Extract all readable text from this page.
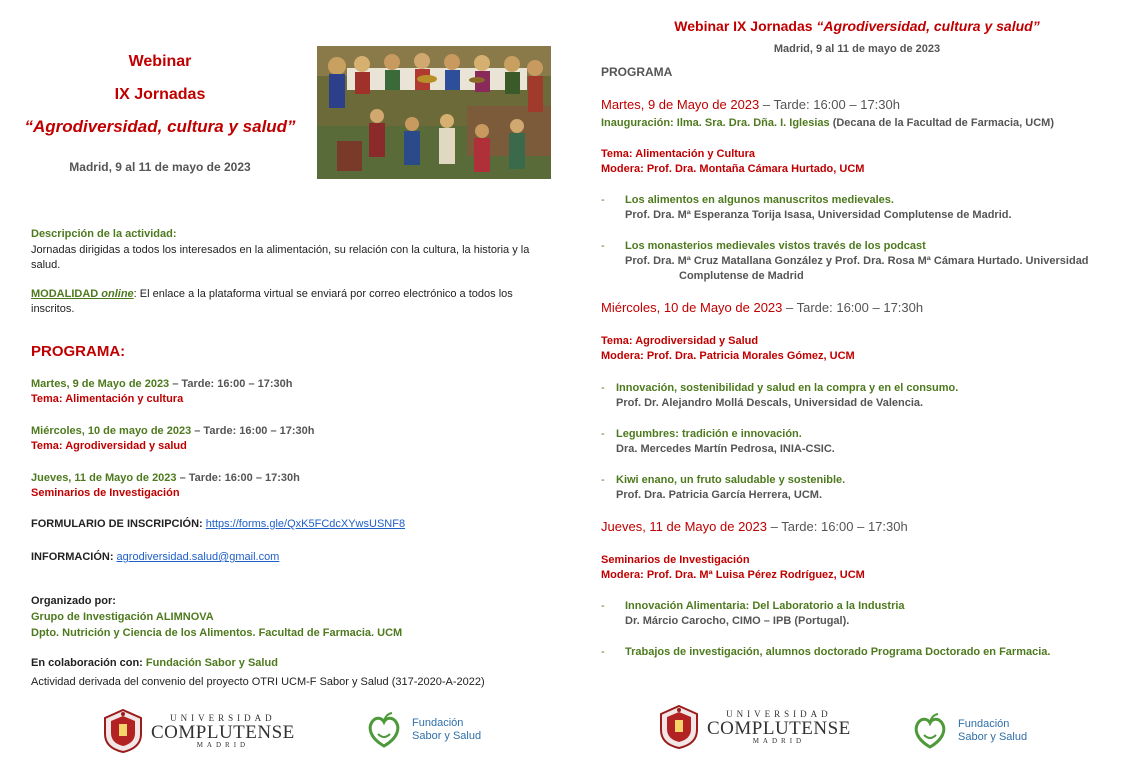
Webinar
IX Jornadas
“Agrodiversidad, cultura y salud”
Madrid, 9 al 11 de mayo de 2023
Descripción de la actividad:
Jornadas dirigidas a todos los interesados en la alimentación, su relación con la cultura, la historia y la salud.
MODALIDAD online: El enlace a la plataforma virtual se enviará por correo electrónico a todos los inscritos.
PROGRAMA:
Martes, 9 de Mayo de 2023 – Tarde: 16:00 – 17:30h
Tema: Alimentación y cultura
Miércoles, 10 de mayo de 2023 – Tarde: 16:00 – 17:30h
Tema: Agrodiversidad y salud
Jueves, 11 de Mayo de 2023 – Tarde: 16:00 – 17:30h
Seminarios de Investigación
FORMULARIO DE INSCRIPCIÓN: https://forms.gle/QxK5FCdcXYwsUSNF8
INFORMACIÓN: agrodiversidad.salud@gmail.com
Organizado por:
Grupo de Investigación ALIMNOVA
Dpto. Nutrición y Ciencia de los Alimentos. Facultad de Farmacia. UCM
En colaboración con: Fundación Sabor y Salud
Actividad derivada del convenio del proyecto OTRI UCM-F Sabor y Salud (317-2020-A-2022)
UNIVERSIDAD
COMPLUTENSE
MADRID
Fundación
Sabor y Salud
Webinar IX Jornadas “Agrodiversidad, cultura y salud”
Madrid, 9 al 11 de mayo de 2023
PROGRAMA
Martes, 9 de Mayo de 2023 – Tarde: 16:00 – 17:30h
Inauguración: Ilma. Sra. Dra. Dña. I. Iglesias (Decana de la Facultad de Farmacia, UCM)
Tema: Alimentación y Cultura
Modera: Prof. Dra. Montaña Cámara Hurtado, UCM
- Los alimentos en algunos manuscritos medievales.
Prof. Dra. Mª Esperanza Torija Isasa, Universidad Complutense de Madrid.
- Los monasterios medievales vistos través de los podcast
Prof. Dra. Mª Cruz Matallana González y Prof. Dra. Rosa Mª Cámara Hurtado. Universidad
Complutense de Madrid
Miércoles, 10 de Mayo de 2023 – Tarde: 16:00 – 17:30h
Tema: Agrodiversidad y Salud
Modera: Prof. Dra. Patricia Morales Gómez, UCM
- Innovación, sostenibilidad y salud en la compra y en el consumo.
Prof. Dr. Alejandro Mollá Descals, Universidad de Valencia.
- Legumbres: tradición e innovación.
Dra. Mercedes Martín Pedrosa, INIA-CSIC.
- Kiwi enano, un fruto saludable y sostenible.
Prof. Dra. Patricia García Herrera, UCM.
Jueves, 11 de Mayo de 2023 – Tarde: 16:00 – 17:30h
Seminarios de Investigación
Modera: Prof. Dra. Mª Luisa Pérez Rodríguez, UCM
- Innovación Alimentaria: Del Laboratorio a la Industria
Dr. Márcio Carocho, CIMO – IPB (Portugal).
- Trabajos de investigación, alumnos doctorado Programa Doctorado en Farmacia.
UNIVERSIDAD
COMPLUTENSE
MADRID
Fundación
Sabor y Salud
